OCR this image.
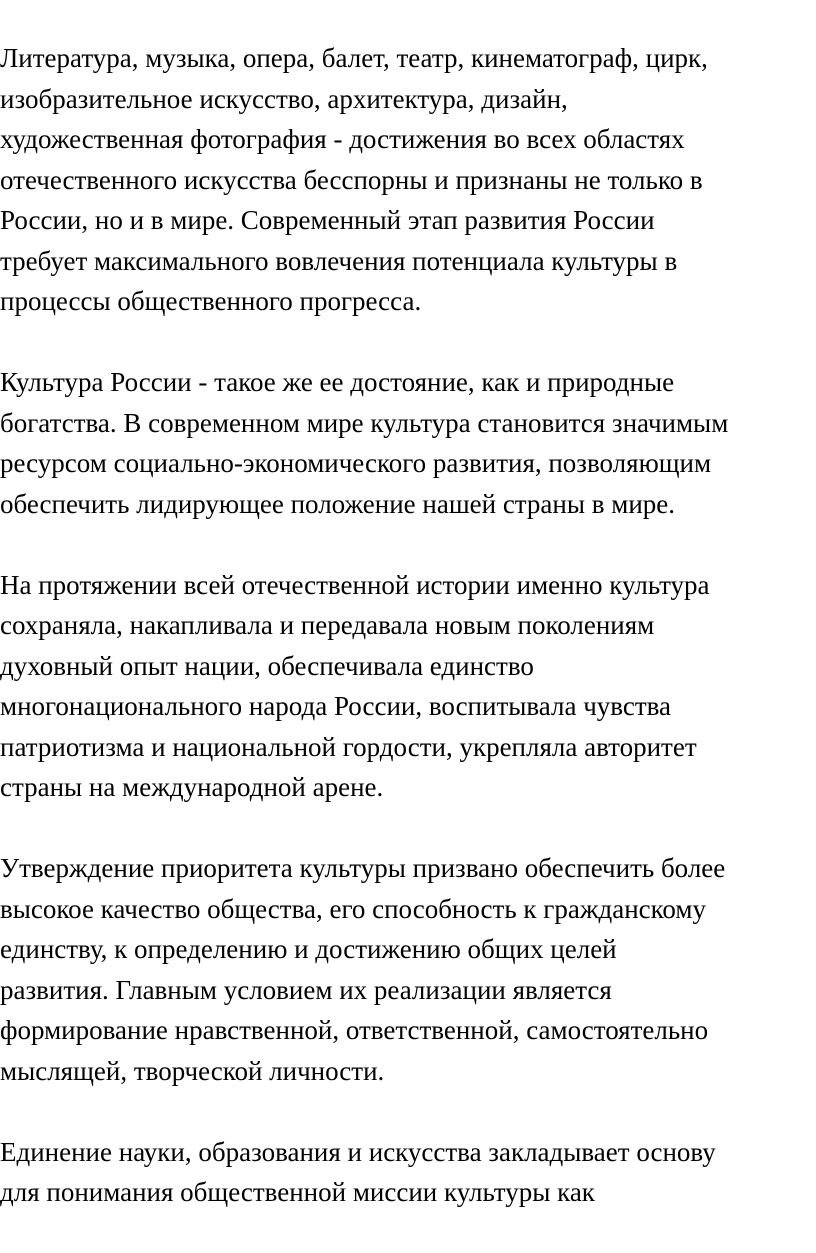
Литература, музыка, опера, балет, театр, кинематограф, цирк,
изобразительное искусство, архитектура, дизайн,
художественная фотография - достижения во всех областях
отечественного искусства бесспорны и признаны не только в
России, но и в мире. Современный этап развития России
требует максимального вовлечения потенциала культуры в
процессы общественного прогресса.
Культура России - такое же ее достояние, как и природные
богатства. В современном мире культура становится значимым
ресурсом социально-экономического развития, позволяющим
обеспечить лидирующее положение нашей страны в мире.
На протяжении всей отечественной истории именно культура
сохраняла, накапливала и передавала новым поколениям
духовный опыт нации, обеспечивала единство
многонационального народа России, воспитывала чувства
патриотизма и национальной гордости, укрепляла авторитет
страны на международной арене.
Утверждение приоритета культуры призвано обеспечить более
высокое качество общества, его способность к гражданскому
единству, к определению и достижению общих целей
развития. Главным условием их реализации является
формирование нравственной, ответственной, самостоятельно
мыслящей, творческой личности.
Единение науки, образования и искусства закладывает основу
для понимания общественной миссии культуры как
